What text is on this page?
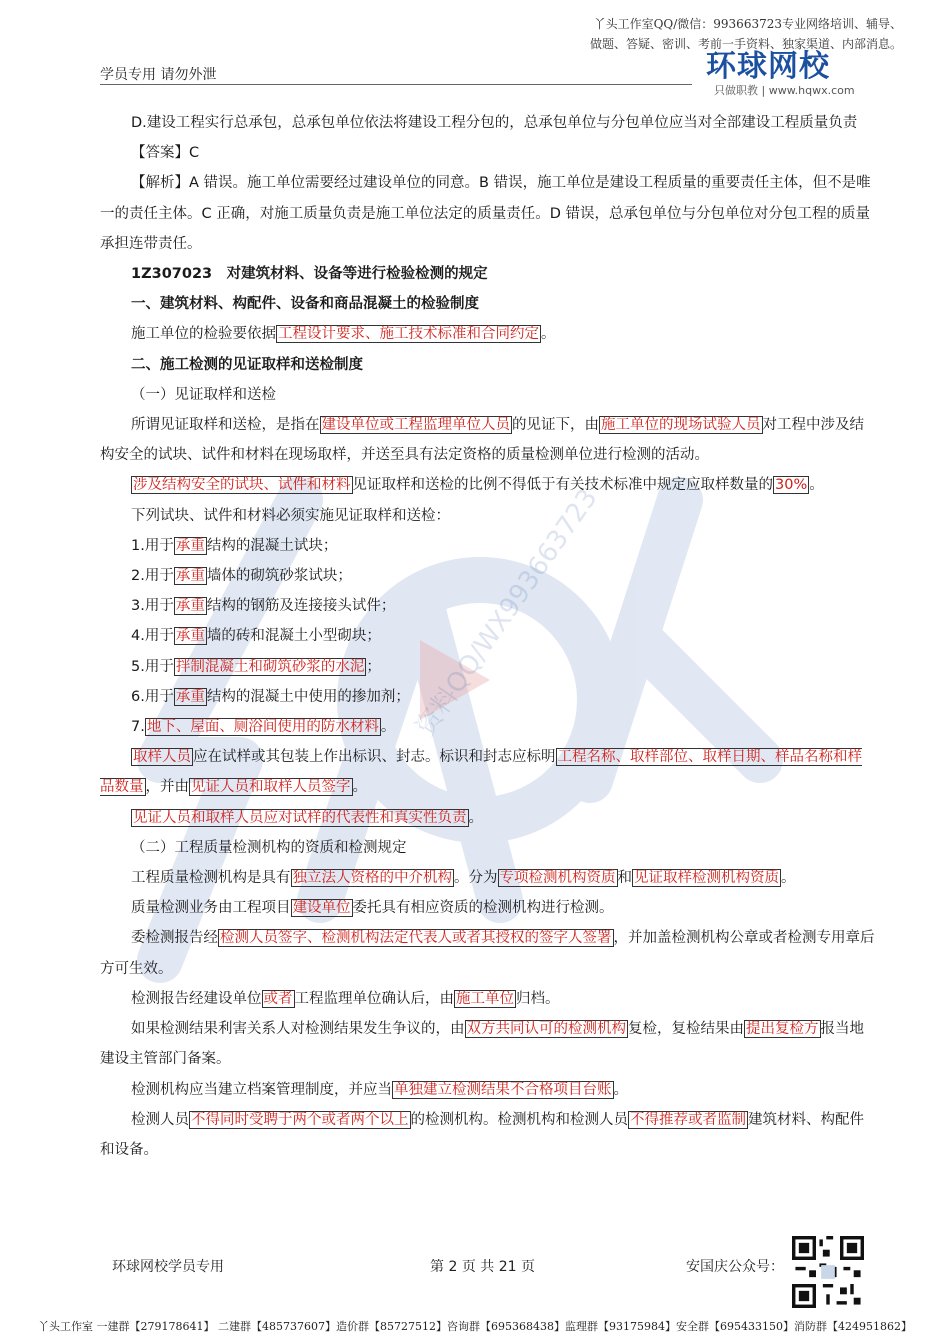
资料QQ/WX993663723
丫头工作室QQ/微信：993663723专业网络培训、辅导、
做题、答疑、密训、考前一手资料、独家渠道、内部消息。
学员专用 请勿外泄	环球网校
只做职教 | www.hqwx.com

D.建设工程实行总承包，总承包单位依法将建设工程分包的，总承包单位与分包单位应当对全部建设工程质量负责

【答案】C

【解析】A 错误。施工单位需要经过建设单位的同意。B 错误，施工单位是建设工程质量的重要责任主体，但不是唯一的责任主体。C 正确，对施工质量负责是施工单位法定的质量责任。D 错误，总承包单位与分包单位对分包工程的质量承担连带责任。

1Z307023　对建筑材料、设备等进行检验检测的规定

一、建筑材料、构配件、设备和商品混凝土的检验制度

施工单位的检验要依据 工程设计要求、施工技术标准和合同约定 。

二、施工检测的见证取样和送检制度

（一）见证取样和送检

所谓见证取样和送检，是指在 建设单位或工程监理单位人员 的见证下，由 施工单位的现场试验人员 对工程中涉及结构安全的试块、试件和材料在现场取样，并送至具有法定资格的质量检测单位进行检测的活动。

涉及结构安全的试块、试件和材料 见证取样和送检的比例不得低于有关技术标准中规定应取样数量的 30% 。

下列试块、试件和材料必须实施见证取样和送检：

1.用于 承重 结构的混凝土试块；

2.用于 承重 墙体的砌筑砂浆试块；

3.用于 承重 结构的钢筋及连接接头试件；

4.用于 承重 墙的砖和混凝土小型砌块；

5.用于 拌制混凝土和砌筑砂浆的水泥 ；

6.用于 承重 结构的混凝土中使用的掺加剂；

7. 地下、屋面、厕浴间使用的防水材料 。

取样人员 应在试样或其包装上作出标识、封志。标识和封志应标明 工程名称、取样部位、取样日期、样品名称和样品数量 ，并由 见证人员和取样人员签字 。

见证人员和取样人员应对试样的代表性和真实性负责 。

（二）工程质量检测机构的资质和检测规定

工程质量检测机构是具有 独立法人资格的中介机构 。分为 专项检测机构资质 和 见证取样检测机构资质 。

质量检测业务由工程项目 建设单位 委托具有相应资质的检测机构进行检测。

委检测报告经 检测人员签字、检测机构法定代表人或者其授权的签字人签署 ，并加盖检测机构公章或者检测专用章后方可生效。

检测报告经建设单位 或者 工程监理单位确认后，由 施工单位 归档。

如果检测结果利害关系人对检测结果发生争议的，由 双方共同认可的检测机构 复检，复检结果由 提出复检方 报当地建设主管部门备案。

检测机构应当建立档案管理制度，并应当 单独建立检测结果不合格项目台账 。

检测人员 不得同时受聘于两个或者两个以上 的检测机构。检测机构和检测人员 不得推荐或者监制 建筑材料、构配件和设备。

环球网校学员专用	第 2 页 共 21 页	安国庆公众号：
丫头工作室 一建群【279178641】 二建群【485737607】造价群【85727512】咨询群【695368438】监理群【93175984】安全群【695433150】消防群【424951862】
